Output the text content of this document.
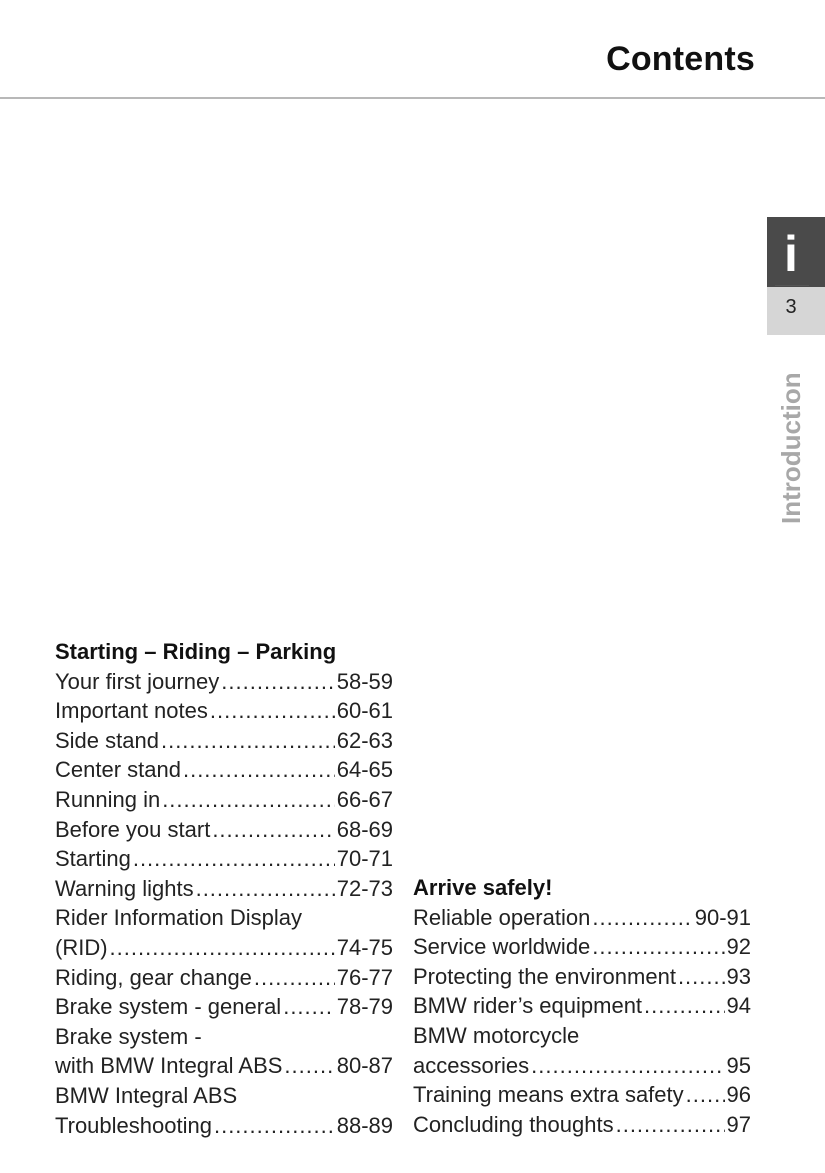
Contents
i
3
Introduction
Starting – Riding – Parking
Your first journey .....	58-59
Important notes .....	60-61
Side stand .....	62-63
Center stand .....	64-65
Running in .....	66-67
Before you start .....	68-69
Starting .....	70-71
Warning lights .....	72-73
Rider Information Display
(RID) .....	74-75
Riding, gear change .....	76-77
Brake system - general .....	78-79
Brake system -
with BMW Integral ABS ..... 80-87
BMW Integral ABS
Troubleshooting .....	88-89
Arrive safely!
Reliable operation .....	90-91
Service worldwide .....	92
Protecting the environment ..... 93
BMW rider’s equipment .....	94
BMW motorcycle
accessories .....	95
Training means extra safety ..... 96
Concluding thoughts .....	97
